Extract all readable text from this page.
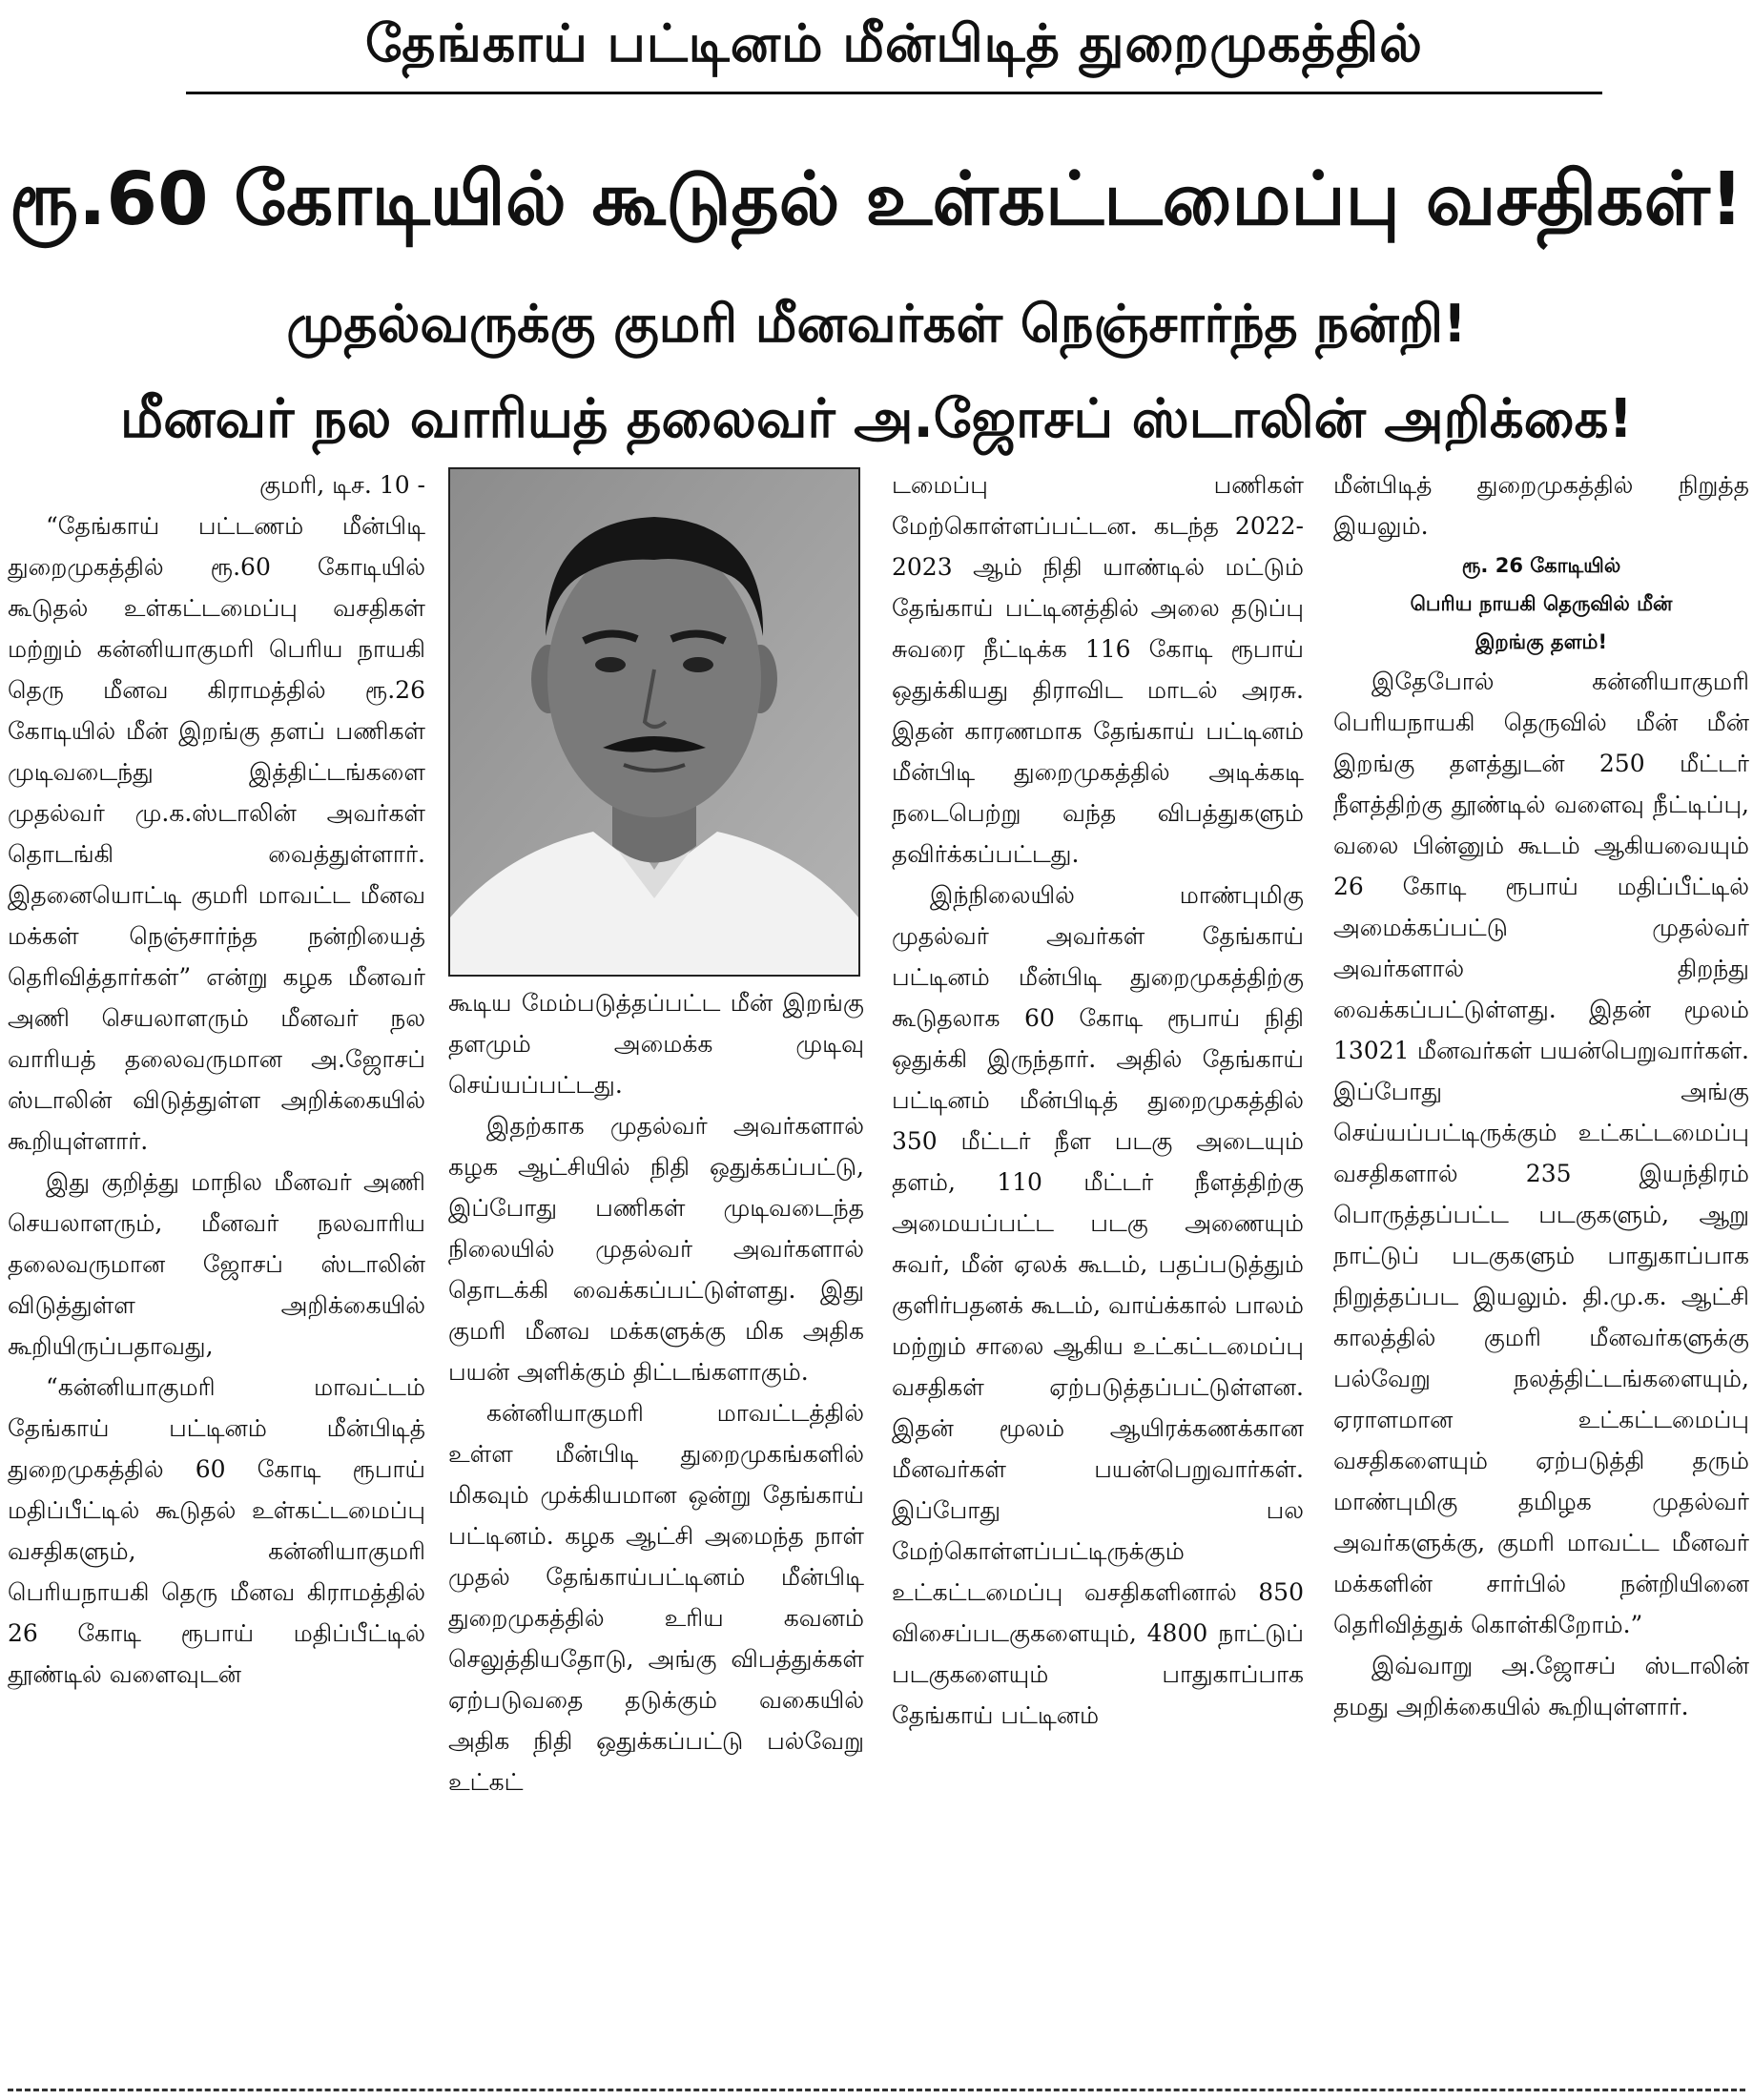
தேங்காய் பட்டினம் மீன்பிடித் துறைமுகத்தில்
ரூ.60 கோடியில் கூடுதல் உள்கட்டமைப்பு வசதிகள்!
முதல்வருக்கு குமரி மீனவர்கள் நெஞ்சார்ந்த நன்றி!
மீனவர் நல வாரியத் தலைவர் அ.ஜோசப் ஸ்டாலின் அறிக்கை!

குமரி, டிச. 10 -

“தேங்காய் பட்டணம் மீன்பிடி துறைமுகத்தில் ரூ.60 கோடியில் கூடுதல் உள்கட்டமைப்பு வசதிகள் மற்றும் கன்னியாகுமரி பெரிய நாயகி தெரு மீனவ கிராமத்தில் ரூ.26 கோடியில் மீன் இறங்கு தளப் பணிகள் முடிவடைந்து இத்திட்டங்களை முதல்வர் மு.க.ஸ்டாலின் அவர்கள் தொடங்கி வைத்துள்ளார். இதனையொட்டி குமரி மாவட்ட மீனவ மக்கள் நெஞ்சார்ந்த நன்றியைத் தெரிவித்தார்கள்” என்று கழக மீனவர் அணி செயலாளரும் மீனவர் நல வாரியத் தலைவருமான அ.ஜோசப் ஸ்டாலின் விடுத்துள்ள அறிக்கையில் கூறியுள்ளார்.

இது குறித்து மாநில மீனவர் அணி செயலாளரும், மீனவர் நலவாரிய தலைவருமான ஜோசப் ஸ்டாலின் விடுத்துள்ள அறிக்கையில் கூறியிருப்பதாவது,

“கன்னியாகுமரி மாவட்டம் தேங்காய் பட்டினம் மீன்பிடித் துறைமுகத்தில் 60 கோடி ரூபாய் மதிப்பீட்டில் கூடுதல் உள்கட்டமைப்பு வசதிகளும், கன்னியாகுமரி பெரியநாயகி தெரு மீனவ கிராமத்தில் 26 கோடி ரூபாய் மதிப்பீட்டில் தூண்டில் வளைவுடன்

கூடிய மேம்படுத்தப்பட்ட மீன் இறங்கு தளமும் அமைக்க முடிவு செய்யப்பட்டது.

இதற்காக முதல்வர் அவர்களால் கழக ஆட்சியில் நிதி ஒதுக்கப்பட்டு, இப்போது பணிகள் முடிவடைந்த நிலையில் முதல்வர் அவர்களால் தொடக்கி வைக்கப்பட்டுள்ளது. இது குமரி மீனவ மக்களுக்கு மிக அதிக பயன் அளிக்கும் திட்டங்களாகும்.

கன்னியாகுமரி மாவட்டத்தில் உள்ள மீன்பிடி துறைமுகங்களில் மிகவும் முக்கியமான ஒன்று தேங்காய் பட்டினம். கழக ஆட்சி அமைந்த நாள் முதல் தேங்காய்பட்டினம் மீன்பிடி துறைமுகத்தில் உரிய கவனம் செலுத்தியதோடு, அங்கு விபத்துக்கள் ஏற்படுவதை தடுக்கும் வகையில் அதிக நிதி ஒதுக்கப்பட்டு பல்வேறு உட்கட்

டமைப்பு பணிகள் மேற்கொள்ளப்பட்டன. கடந்த 2022-2023 ஆம் நிதி யாண்டில் மட்டும் தேங்காய் பட்டினத்தில் அலை தடுப்பு சுவரை நீட்டிக்க 116 கோடி ரூபாய் ஒதுக்கியது திராவிட மாடல் அரசு. இதன் காரணமாக தேங்காய் பட்டினம் மீன்பிடி துறைமுகத்தில் அடிக்கடி நடைபெற்று வந்த விபத்துகளும் தவிர்க்கப்பட்டது.

இந்நிலையில் மாண்புமிகு முதல்வர் அவர்கள் தேங்காய் பட்டினம் மீன்பிடி துறைமுகத்திற்கு கூடுதலாக 60 கோடி ரூபாய் நிதி ஒதுக்கி இருந்தார். அதில் தேங்காய் பட்டினம் மீன்பிடித் துறைமுகத்தில் 350 மீட்டர் நீள படகு அடையும் தளம், 110 மீட்டர் நீளத்திற்கு அமையப்பட்ட படகு அணையும் சுவர், மீன் ஏலக் கூடம், பதப்படுத்தும் குளிர்பதனக் கூடம், வாய்க்கால் பாலம் மற்றும் சாலை ஆகிய உட்கட்டமைப்பு வசதிகள் ஏற்படுத்தப்பட்டுள்ளன. இதன் மூலம் ஆயிரக்கணக்கான மீனவர்கள் பயன்பெறுவார்கள். இப்போது பல மேற்கொள்ளப்பட்டிருக்கும் உட்கட்டமைப்பு வசதிகளினால் 850 விசைப்படகுகளையும், 4800 நாட்டுப் படகுகளையும் பாதுகாப்பாக தேங்காய் பட்டினம்

மீன்பிடித் துறைமுகத்தில் நிறுத்த இயலும்.

ரூ. 26 கோடியில்
பெரிய நாயகி தெருவில் மீன்
இறங்கு தளம்!

இதேபோல் கன்னியாகுமரி பெரியநாயகி தெருவில் மீன் மீன் இறங்கு தளத்துடன் 250 மீட்டர் நீளத்திற்கு தூண்டில் வளைவு நீட்டிப்பு, வலை பின்னும் கூடம் ஆகியவையும் 26 கோடி ரூபாய் மதிப்பீட்டில் அமைக்கப்பட்டு முதல்வர் அவர்களால் திறந்து வைக்கப்பட்டுள்ளது. இதன் மூலம் 13021 மீனவர்கள் பயன்பெறுவார்கள். இப்போது அங்கு செய்யப்பட்டிருக்கும் உட்கட்டமைப்பு வசதிகளால் 235 இயந்திரம் பொருத்தப்பட்ட படகுகளும், ஆறு நாட்டுப் படகுகளும் பாதுகாப்பாக நிறுத்தப்பட இயலும். தி.மு.க. ஆட்சி காலத்தில் குமரி மீனவர்களுக்கு பல்வேறு நலத்திட்டங்களையும், ஏராளமான உட்கட்டமைப்பு வசதிகளையும் ஏற்படுத்தி தரும் மாண்புமிகு தமிழக முதல்வர் அவர்களுக்கு, குமரி மாவட்ட மீனவர் மக்களின் சார்பில் நன்றியினை தெரிவித்துக் கொள்கிறோம்.”

இவ்வாறு அ.ஜோசப் ஸ்டாலின் தமது அறிக்கையில் கூறியுள்ளார்.
